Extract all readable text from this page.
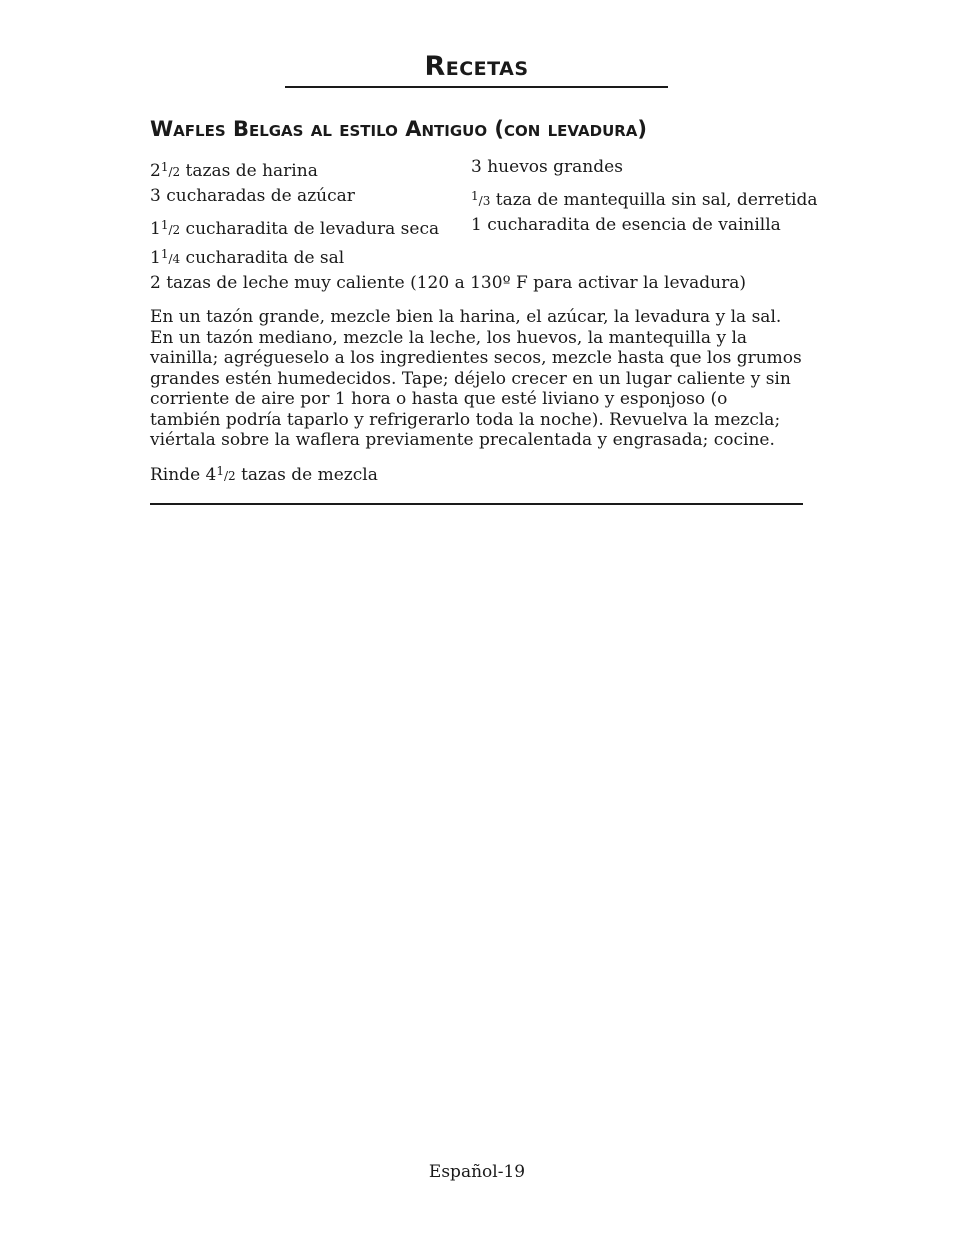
Recetas
Wafles Belgas al estilo Antiguo (con levadura)
$2^1/2$ tazas de harina
3 cucharadas de azúcar
$1^1/2$ cucharadita de levadura seca
$1^1/4$ cucharadita de sal
3 huevos grandes
$^1$/3 taza de mantequilla sin sal, derretida
1 cucharadita de esencia de vainilla
2 tazas de leche muy caliente (120 a 130º F para activar la levadura)
En un tazón grande, mezcle bien la harina, el azúcar, la levadura y la sal. En un tazón mediano, mezcle la leche, los huevos, la mantequilla y la vainilla; agrégueselo a los ingredientes secos, mezcle hasta que los grumos grandes estén humedecidos. Tape; déjelo crecer en un lugar caliente y sin corriente de aire por 1 hora o hasta que esté liviano y esponjoso (o también podría taparlo y refrigerarlo toda la noche). Revuelva la mezcla; viértala sobre la waflera previamente precalentada y engrasada; cocine.
Rinde $4^1/2$ tazas de mezcla
Español-19
